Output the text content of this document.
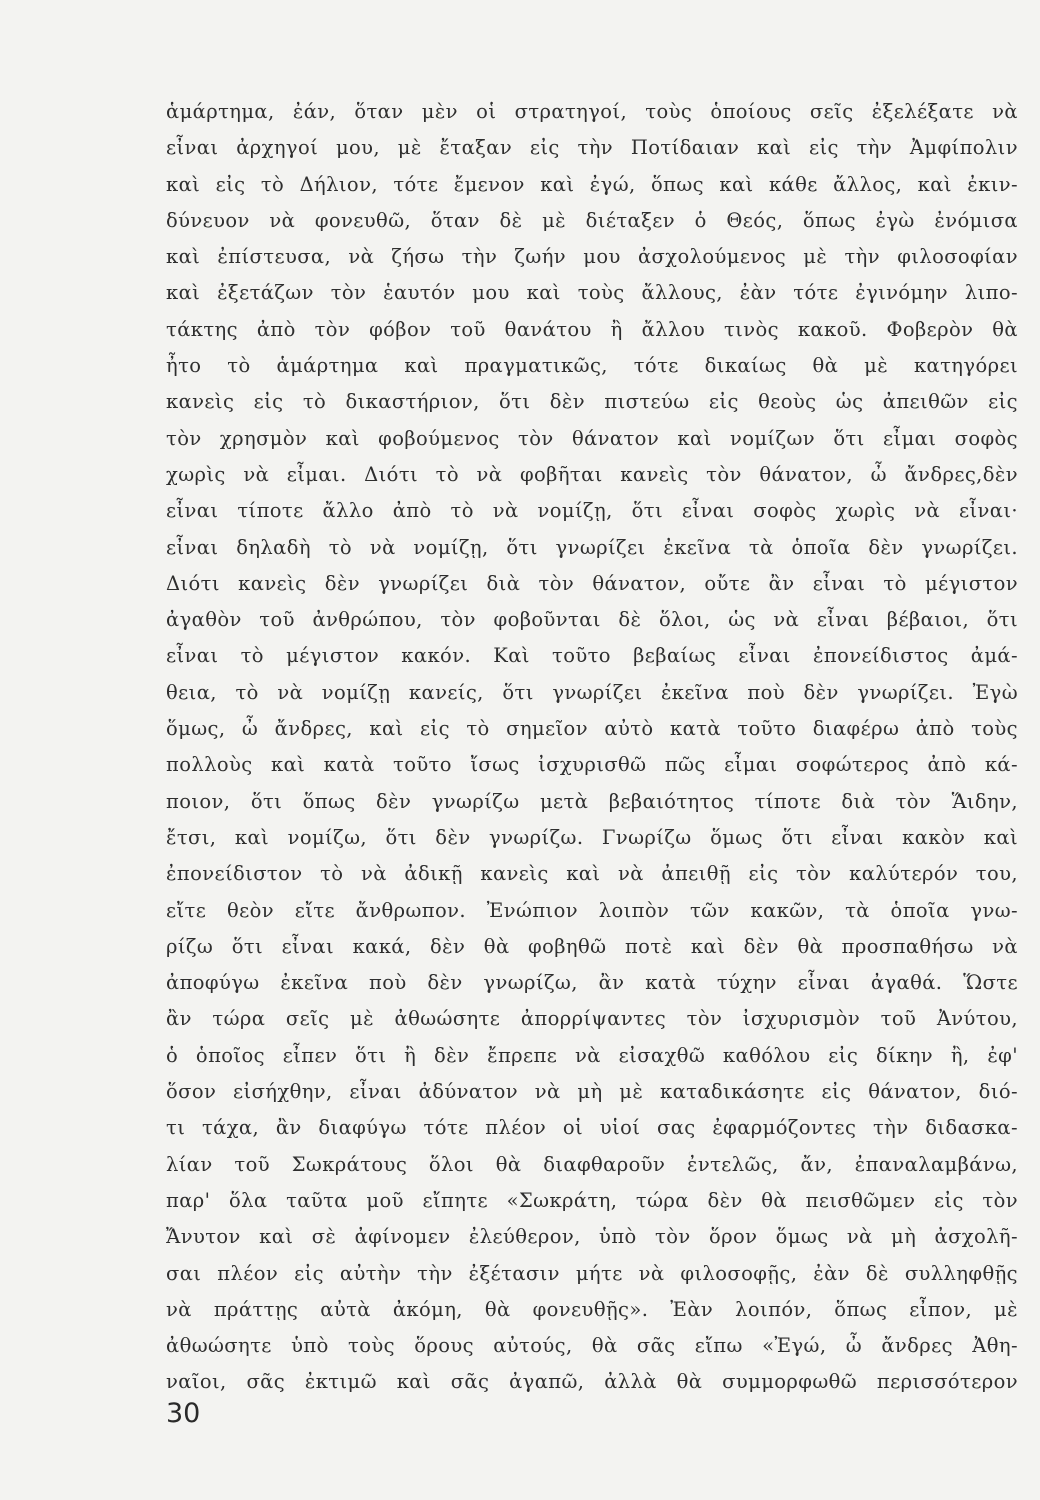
ἁμάρτημα, ἐάν, ὅταν μὲν οἱ στρατηγοί, τοὺς ὁποίους σεῖς ἐξελέξατε νὰ
εἶναι ἀρχηγοί μου, μὲ ἔταξαν εἰς τὴν Ποτίδαιαν καὶ εἰς τὴν Ἀμφίπολιν
καὶ εἰς τὸ Δήλιον, τότε ἔμενον καὶ ἐγώ, ὅπως καὶ κάθε ἄλλος, καὶ ἐκιν-
δύνευον νὰ φονευθῶ, ὅταν δὲ μὲ διέταξεν ὁ Θεός, ὅπως ἐγὼ ἐνόμισα
καὶ ἐπίστευσα, νὰ ζήσω τὴν ζωήν μου ἀσχολούμενος μὲ τὴν φιλοσοφίαν
καὶ ἐξετάζων τὸν ἑαυτόν μου καὶ τοὺς ἄλλους, ἐὰν τότε ἐγινόμην λιπο-
τάκτης ἀπὸ τὸν φόβον τοῦ θανάτου ἢ ἄλλου τινὸς κακοῦ. Φοβερὸν θὰ
ἦτο τὸ ἁμάρτημα καὶ πραγματικῶς, τότε δικαίως θὰ μὲ κατηγόρει
κανεὶς εἰς τὸ δικαστήριον, ὅτι δὲν πιστεύω εἰς θεοὺς ὡς ἀπειθῶν εἰς
τὸν χρησμὸν καὶ φοβούμενος τὸν θάνατον καὶ νομίζων ὅτι εἶμαι σοφὸς
χωρὶς νὰ εἶμαι. Διότι τὸ νὰ φοβῆται κανεὶς τὸν θάνατον, ὦ ἄνδρες,δὲν
εἶναι τίποτε ἄλλο ἀπὸ τὸ νὰ νομίζῃ, ὅτι εἶναι σοφὸς χωρὶς νὰ εἶναι·
εἶναι δηλαδὴ τὸ νὰ νομίζῃ, ὅτι γνωρίζει ἐκεῖνα τὰ ὁποῖα δὲν γνωρίζει.
Διότι κανεὶς δὲν γνωρίζει διὰ τὸν θάνατον, οὔτε ἂν εἶναι τὸ μέγιστον
ἀγαθὸν τοῦ ἀνθρώπου, τὸν φοβοῦνται δὲ ὅλοι, ὡς νὰ εἶναι βέβαιοι, ὅτι
εἶναι τὸ μέγιστον κακόν. Καὶ τοῦτο βεβαίως εἶναι ἐπονείδιστος ἀμά-
θεια, τὸ νὰ νομίζῃ κανείς, ὅτι γνωρίζει ἐκεῖνα ποὺ δὲν γνωρίζει. Ἐγὼ
ὅμως, ὦ ἄνδρες, καὶ εἰς τὸ σημεῖον αὐτὸ κατὰ τοῦτο διαφέρω ἀπὸ τοὺς
πολλοὺς καὶ κατὰ τοῦτο ἴσως ἰσχυρισθῶ πῶς εἶμαι σοφώτερος ἀπὸ κά-
ποιον, ὅτι ὅπως δὲν γνωρίζω μετὰ βεβαιότητος τίποτε διὰ τὸν Ἅιδην,
ἔτσι, καὶ νομίζω, ὅτι δὲν γνωρίζω. Γνωρίζω ὅμως ὅτι εἶναι κακὸν καὶ
ἐπονείδιστον τὸ νὰ ἀδικῇ κανεὶς καὶ νὰ ἀπειθῇ εἰς τὸν καλύτερόν του,
εἴτε θεὸν εἴτε ἄνθρωπον. Ἐνώπιον λοιπὸν τῶν κακῶν, τὰ ὁποῖα γνω-
ρίζω ὅτι εἶναι κακά, δὲν θὰ φοβηθῶ ποτὲ καὶ δὲν θὰ προσπαθήσω νὰ
ἀποφύγω ἐκεῖνα ποὺ δὲν γνωρίζω, ἂν κατὰ τύχην εἶναι ἀγαθά. Ὥστε
ἂν τώρα σεῖς μὲ ἀθωώσητε ἀπορρίψαντες τὸν ἰσχυρισμὸν τοῦ Ἀνύτου,
ὁ ὁποῖος εἶπεν ὅτι ἢ δὲν ἔπρεπε νὰ εἰσαχθῶ καθόλου εἰς δίκην ἢ, ἐφ'
ὅσον εἰσήχθην, εἶναι ἀδύνατον νὰ μὴ μὲ καταδικάσητε εἰς θάνατον, διό-
τι τάχα, ἂν διαφύγω τότε πλέον οἱ υἱοί σας ἐφαρμόζοντες τὴν διδασκα-
λίαν τοῦ Σωκράτους ὅλοι θὰ διαφθαροῦν ἐντελῶς, ἄν, ἐπαναλαμβάνω,
παρ' ὅλα ταῦτα μοῦ εἴπητε «Σωκράτη, τώρα δὲν θὰ πεισθῶμεν εἰς τὸν
Ἄνυτον καὶ σὲ ἀφίνομεν ἐλεύθερον, ὑπὸ τὸν ὅρον ὅμως νὰ μὴ ἀσχολῆ-
σαι πλέον εἰς αὐτὴν τὴν ἐξέτασιν μήτε νὰ φιλοσοφῇς, ἐὰν δὲ συλληφθῇς
νὰ πράττῃς αὐτὰ ἀκόμη, θὰ φονευθῇς». Ἐὰν λοιπόν, ὅπως εἶπον, μὲ
ἀθωώσητε ὑπὸ τοὺς ὅρους αὐτούς, θὰ σᾶς εἴπω «Ἐγώ, ὦ ἄνδρες Ἀθη-
ναῖοι, σᾶς ἐκτιμῶ καὶ σᾶς ἀγαπῶ, ἀλλὰ θὰ συμμορφωθῶ περισσότερον
30
